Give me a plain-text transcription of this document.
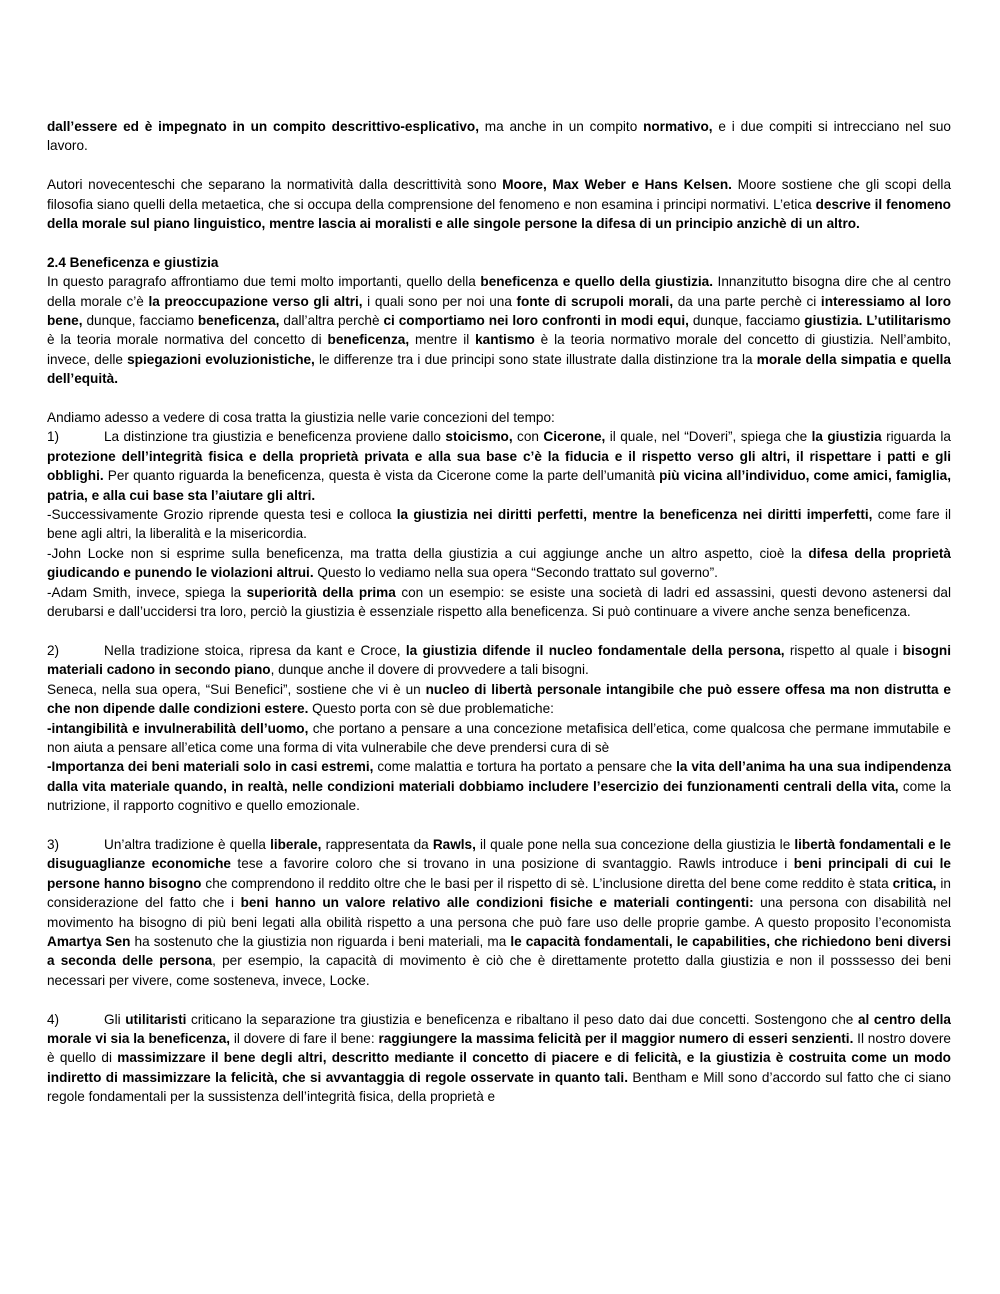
dall’essere ed è impegnato in un compito descrittivo-esplicativo, ma anche in un compito normativo, e i due compiti si intrecciano nel suo lavoro.

Autori novecenteschi che separano la normatività dalla descrittività sono Moore, Max Weber e Hans Kelsen. Moore sostiene che gli scopi della filosofia siano quelli della metaetica, che si occupa della comprensione del fenomeno e non esamina i principi normativi. L’etica descrive il fenomeno della morale sul piano linguistico, mentre lascia ai moralisti e alle singole persone la difesa di un principio anzichè di un altro.

2.4 Beneficenza e giustizia

In questo paragrafo affrontiamo due temi molto importanti, quello della beneficenza e quello della giustizia. Innanzitutto bisogna dire che al centro della morale c’è la preoccupazione verso gli altri, i quali sono per noi una fonte di scrupoli morali, da una parte perchè ci interessiamo al loro bene, dunque, facciamo beneficenza, dall’altra perchè ci comportiamo nei loro confronti in modi equi, dunque, facciamo giustizia. L’utilitarismo è la teoria morale normativa del concetto di beneficenza, mentre il kantismo è la teoria normativo morale del concetto di giustizia. Nell’ambito, invece, delle spiegazioni evoluzionistiche, le differenze tra i due principi sono state illustrate dalla distinzione tra la morale della simpatia e quella dell’equità.

Andiamo adesso a vedere di cosa tratta la giustizia nelle varie concezioni del tempo:

1)	La distinzione tra giustizia e beneficenza proviene dallo stoicismo, con Cicerone, il quale, nel “Doveri”, spiega che la giustizia riguarda la protezione dell’integrità fisica e della proprietà privata e alla sua base c’è la fiducia e il rispetto verso gli altri, il rispettare i patti e gli obblighi. Per quanto riguarda la beneficenza, questa è vista da Cicerone come la parte dell’umanità più vicina all’individuo, come amici, famiglia, patria, e alla cui base sta l’aiutare gli altri.

-Successivamente Grozio riprende questa tesi e colloca la giustizia nei diritti perfetti, mentre la beneficenza nei diritti imperfetti, come fare il bene agli altri, la liberalità e la misericordia.

-John Locke non si esprime sulla beneficenza, ma tratta della giustizia a cui aggiunge anche un altro aspetto, cioè la difesa della proprietà giudicando e punendo le violazioni altrui. Questo lo vediamo nella sua opera “Secondo trattato sul governo”.

-Adam Smith, invece, spiega la superiorità della prima con un esempio: se esiste una società di ladri ed assassini, questi devono astenersi dal derubarsi e dall’uccidersi tra loro, perciò la giustizia è essenziale rispetto alla beneficenza. Si può continuare a vivere anche senza beneficenza.

2)	Nella tradizione stoica, ripresa da kant e Croce, la giustizia difende il nucleo fondamentale della persona, rispetto al quale i bisogni materiali cadono in secondo piano, dunque anche il dovere di provvedere a tali bisogni.

Seneca, nella sua opera, “Sui Benefici”, sostiene che vi è un nucleo di libertà personale intangibile che può essere offesa ma non distrutta e che non dipende dalle condizioni estere. Questo porta con sè due problematiche:

-intangibilità e invulnerabilità dell’uomo, che portano a pensare a una concezione metafisica dell’etica, come qualcosa che permane immutabile e non aiuta a pensare all’etica come una forma di vita vulnerabile che deve prendersi cura di sè

-Importanza dei beni materiali solo in casi estremi, come malattia e tortura ha portato a pensare che la vita dell’anima ha una sua indipendenza dalla vita materiale quando, in realtà, nelle condizioni materiali dobbiamo includere l’esercizio dei funzionamenti centrali della vita, come la nutrizione, il rapporto cognitivo e quello emozionale.

3)	Un’altra tradizione è quella liberale, rappresentata da Rawls, il quale pone nella sua concezione della giustizia le libertà fondamentali e le disuguaglianze economiche tese a favorire coloro che si trovano in una posizione di svantaggio. Rawls introduce i beni principali di cui le persone hanno bisogno che comprendono il reddito oltre che le basi per il rispetto di sè. L’inclusione diretta del bene come reddito è stata critica, in considerazione del fatto che i beni hanno un valore relativo alle condizioni fisiche e materiali contingenti: una persona con disabilità nel movimento ha bisogno di più beni legati alla obilità rispetto a una persona che può fare uso delle proprie gambe. A questo proposito l’economista Amartya Sen ha sostenuto che la giustizia non riguarda i beni materiali, ma le capacità fondamentali, le capabilities, che richiedono beni diversi a seconda delle persona, per esempio, la capacità di movimento è ciò che è direttamente protetto dalla giustizia e non il posssesso dei beni necessari per vivere, come sosteneva, invece, Locke.

4)	Gli utilitaristi criticano la separazione tra giustizia e beneficenza e ribaltano il peso dato dai due concetti. Sostengono che al centro della morale vi sia la beneficenza, il dovere di fare il bene: raggiungere la massima felicità per il maggior numero di esseri senzienti. Il nostro dovere è quello di massimizzare il bene degli altri, descritto mediante il concetto di piacere e di felicità, e la giustizia è costruita come un modo indiretto di massimizzare la felicità, che si avvantaggia di regole osservate in quanto tali. Bentham e Mill sono d’accordo sul fatto che ci siano regole fondamentali per la sussistenza dell’integrità fisica, della proprietà e
